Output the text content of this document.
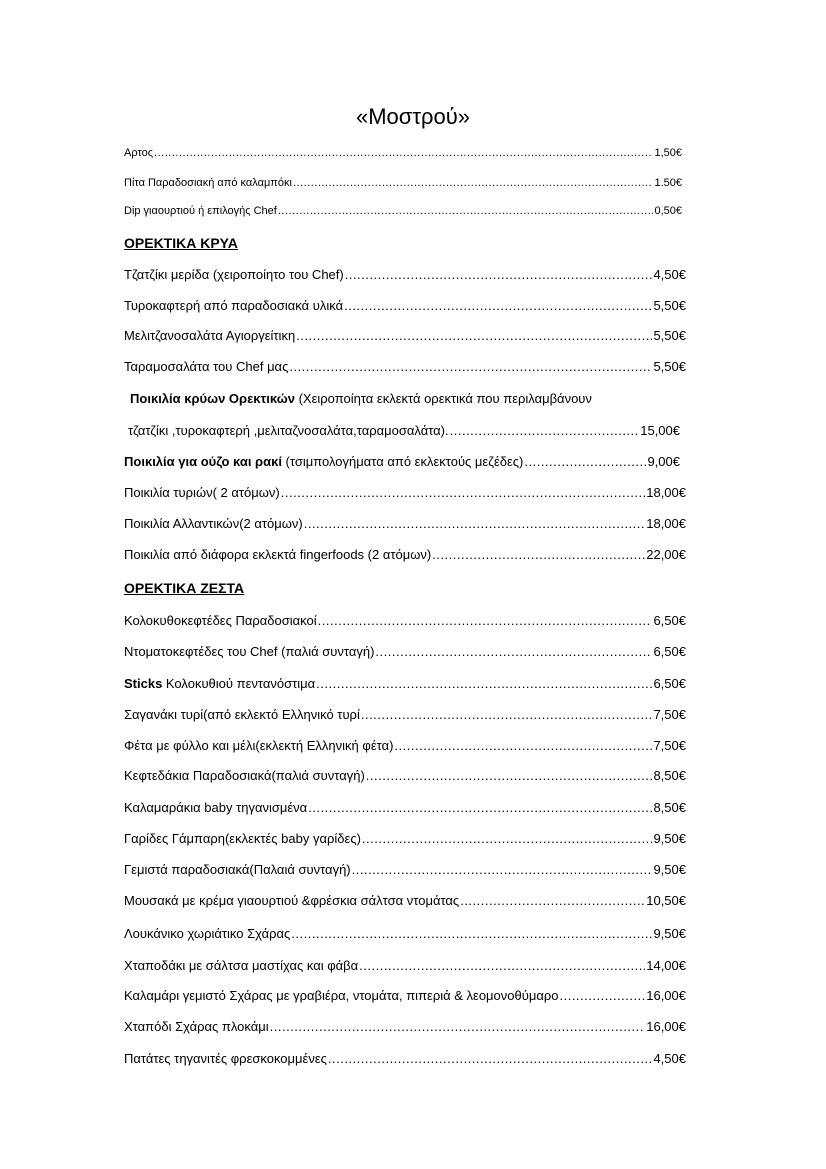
«Μοστρού»
Αρτος .....	1,50€
Πίτα Παραδοσιακή από καλαμπόκι .....	1.50€
Dip γιαουρτιού ή επιλογής Chef .....	0,50€
ΟΡΕΚΤΙΚΑ ΚΡΥΑ
Τζατζίκι μερίδα (χειροποίητο του Chef) .....	4,50€
Τυροκαφτερή από παραδοσιακά υλικά .....	5,50€
Μελιτζανοσαλάτα Αγιοργείτικη .....	5,50€
Ταραμοσαλάτα του Chef μας .....	5,50€
Ποικιλία κρύων Ορεκτικών (Χειροποίητα εκλεκτά ορεκτικά που περιλαμβάνουν
τζατζίκι ,τυροκαφτερή ,μελιταζνοσαλάτα,ταραμοσαλάτα). .....	15,00€
Ποικιλία για ούζο και ρακί (τσιμπολογήματα από εκλεκτούς μεζέδες) .....	9,00€
Ποικιλία τυριών( 2 ατόμων) .....	18,00€
Ποικιλία Αλλαντικών(2 ατόμων) .....	18,00€
Ποικιλία από διάφορα εκλεκτά fingerfoods (2 ατόμων) .....	22,00€
ΟΡΕΚΤΙΚΑ ΖΕΣΤΑ
Κολοκυθοκεφτέδες Παραδοσιακοί .....	6,50€
Ντοματοκεφτέδες του Chef (παλιά συνταγή) .....	6,50€
Sticks Κολοκυθιού πεντανόστιμα .....	6,50€
Σαγανάκι τυρί(από εκλεκτό Ελληνικό τυρί .....	7,50€
Φέτα με φύλλο και μέλι(εκλεκτή Ελληνική φέτα) .....	7,50€
Κεφτεδάκια Παραδοσιακά(παλιά συνταγή) .....	8,50€
Καλαμαράκια baby τηγανισμένα .....	8,50€
Γαρίδες Γάμπαρη(εκλεκτές baby γαρίδες) .....	9,50€
Γεμιστά παραδοσιακά(Παλαιά συνταγή) .....	9,50€
Μουσακά με κρέμα γιαουρτιού &φρέσκια σάλτσα ντομάτας .....	10,50€
Λουκάνικο χωριάτικο Σχάρας .....	9,50€
Χταποδάκι με σάλτσα μαστίχας και φάβα .....	14,00€
Καλαμάρι γεμιστό Σχάρας με γραβιέρα, ντομάτα, πιπεριά & λεομονοθύμαρο .....	16,00€
Χταπόδι Σχάρας πλοκάμι .....	16,00€
Πατάτες τηγανιτές φρεσκοκομμένες .....	4,50€
